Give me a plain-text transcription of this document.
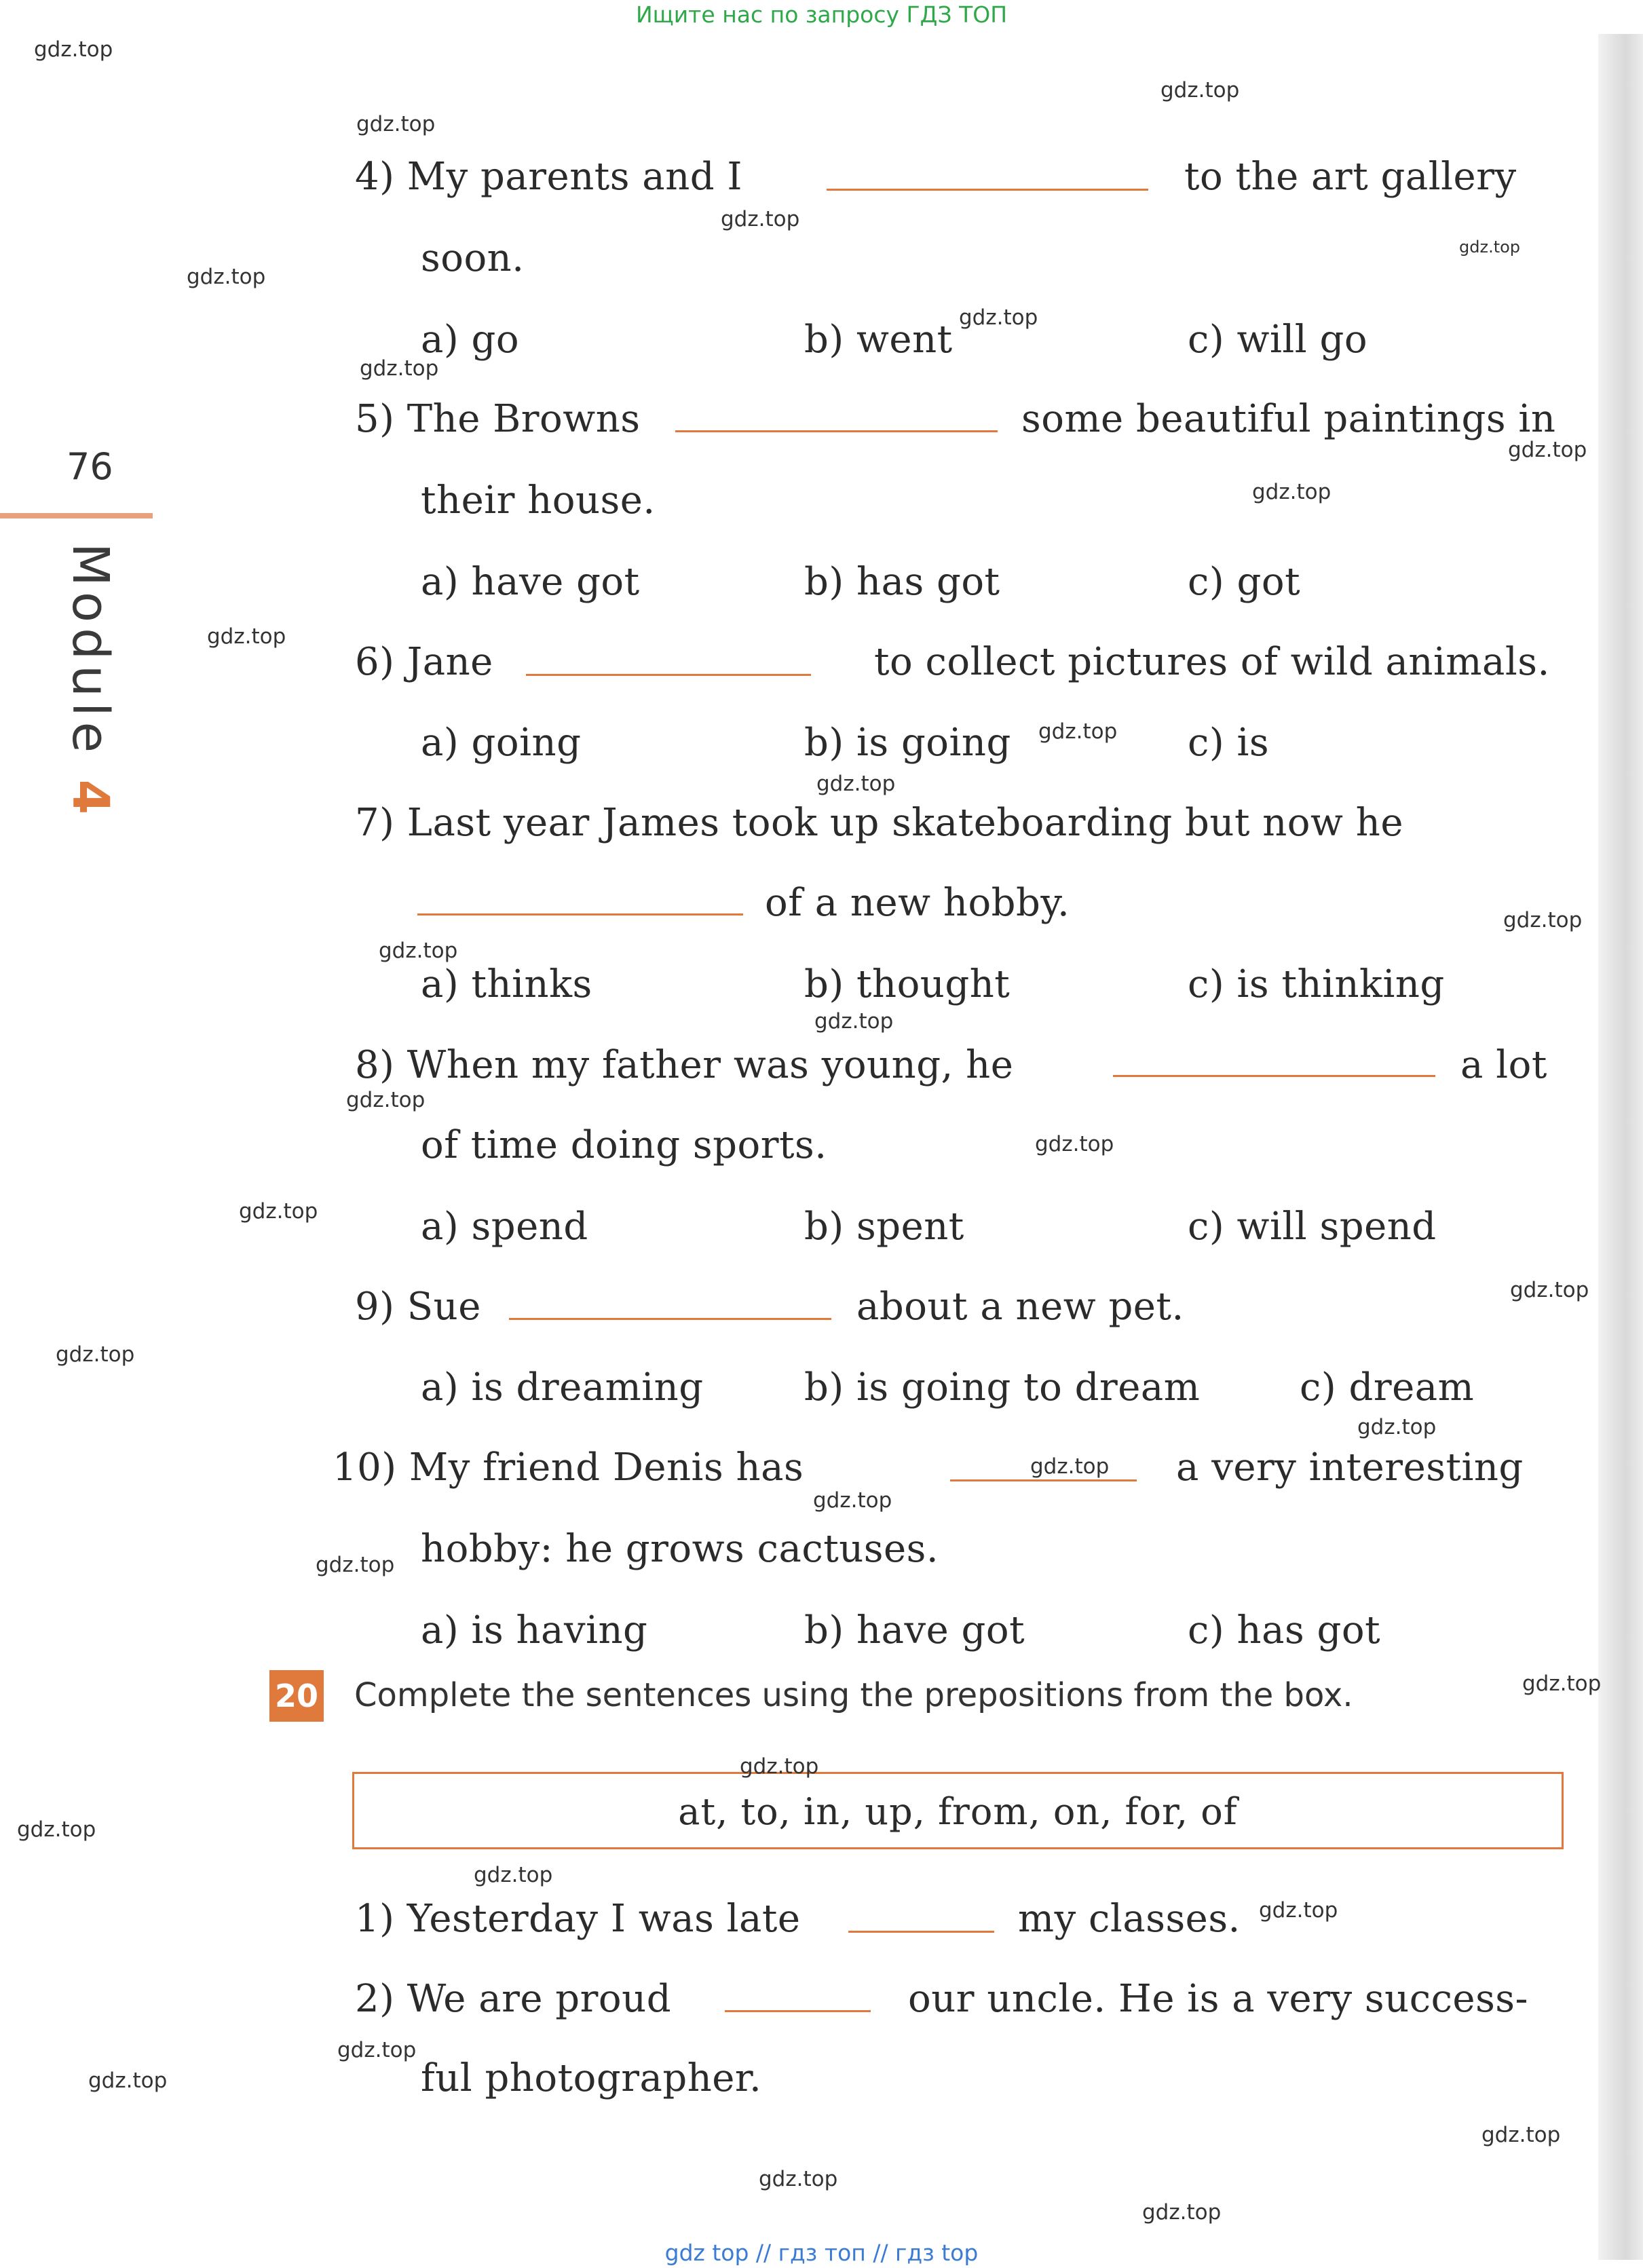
Ищите нас по запросу ГДЗ ТОП
76
Module 4
4) My parents and I	to the art gallery
soon.
a) go	b) went	c) will go
5) The Browns	some beautiful paintings in
their house.
a) have got	b) has got	c) got
6) Jane	to collect pictures of wild animals.
a) going	b) is going	c) is
7) Last year James took up skateboarding but now he
of a new hobby.
a) thinks	b) thought	c) is thinking
8) When my father was young, he	a lot
of time doing sports.
a) spend	b) spent	c) will spend
9) Sue	about a new pet.
a) is dreaming	b) is going to dream	c) dream
10) My friend Denis has	a very interesting
hobby: he grows cactuses.
a) is having	b) have got	c) has got
20 Complete the sentences using the prepositions from the box.
at, to, in, up, from, on, for, of
1) Yesterday I was late	my classes.
2) We are proud	our uncle. He is a very success-
ful photographer.
gdz.top
gdz.top
gdz.top
gdz.top
gdz.top
gdz.top
gdz.top
gdz.top
gdz.top
gdz.top
gdz.top
gdz.top
gdz.top
gdz.top
gdz.top
gdz.top
gdz.top
gdz.top
gdz.top
gdz.top
gdz.top
gdz.top
gdz.top
gdz.top
gdz.top
gdz.top
gdz.top
gdz.top
gdz.top
gdz.top
gdz.top
gdz.top
gdz.top
gdz.top
gdz.top
gdz top // гдз топ // гдз top
